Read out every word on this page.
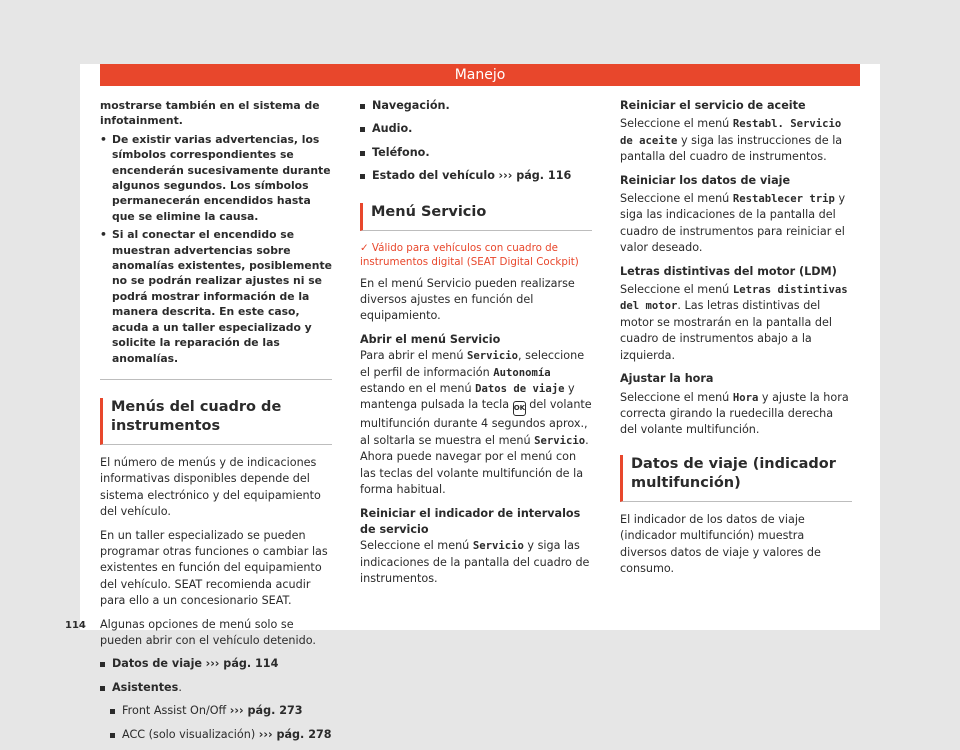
Manejo

mostrarse también en el sistema de infotainment.

• De existir varias advertencias, los símbolos correspondientes se encenderán sucesivamente durante algunos segundos. Los símbolos permanecerán encendidos hasta que se elimine la causa.

• Si al conectar el encendido se muestran advertencias sobre anomalías existentes, posiblemente no se podrán realizar ajustes ni se podrá mostrar información de la manera descrita. En este caso, acuda a un taller especializado y solicite la reparación de las anomalías.

Menús del cuadro de instrumentos

El número de menús y de indicaciones informativas disponibles depende del sistema electrónico y del equipamiento del vehículo.

En un taller especializado se pueden programar otras funciones o cambiar las existentes en función del equipamiento del vehículo. SEAT recomienda acudir para ello a un concesionario SEAT.

Algunas opciones de menú solo se pueden abrir con el vehículo detenido.

Datos de viaje ››› pág. 114

Asistentes.

Front Assist On/Off ››› pág. 273

ACC (solo visualización) ››› pág. 278

Navegación.

Audio.

Teléfono.

Estado del vehículo ››› pág. 116

Menú Servicio

✓ Válido para vehículos con cuadro de instrumentos digital (SEAT Digital Cockpit)

En el menú Servicio pueden realizarse diversos ajustes en función del equipamiento.

Abrir el menú Servicio

Para abrir el menú Servicio, seleccione el perfil de información Autonomía estando en el menú Datos de viaje y mantenga pulsada la tecla OK del volante multifunción durante 4 segundos aprox., al soltarla se muestra el menú Servicio. Ahora puede navegar por el menú con las teclas del volante multifunción de la forma habitual.

Reiniciar el indicador de intervalos de servicio

Seleccione el menú Servicio y siga las indicaciones de la pantalla del cuadro de instrumentos.

Reiniciar el servicio de aceite

Seleccione el menú Restabl. Servicio de aceite y siga las instrucciones de la pantalla del cuadro de instrumentos.

Reiniciar los datos de viaje

Seleccione el menú Restablecer trip y siga las indicaciones de la pantalla del cuadro de instrumentos para reiniciar el valor deseado.

Letras distintivas del motor (LDM)

Seleccione el menú Letras distintivas del motor. Las letras distintivas del motor se mostrarán en la pantalla del cuadro de instrumentos abajo a la izquierda.

Ajustar la hora

Seleccione el menú Hora y ajuste la hora correcta girando la ruedecilla derecha del volante multifunción.

Datos de viaje (indicador multifunción)

El indicador de los datos de viaje (indicador multifunción) muestra diversos datos de viaje y valores de consumo.

114
